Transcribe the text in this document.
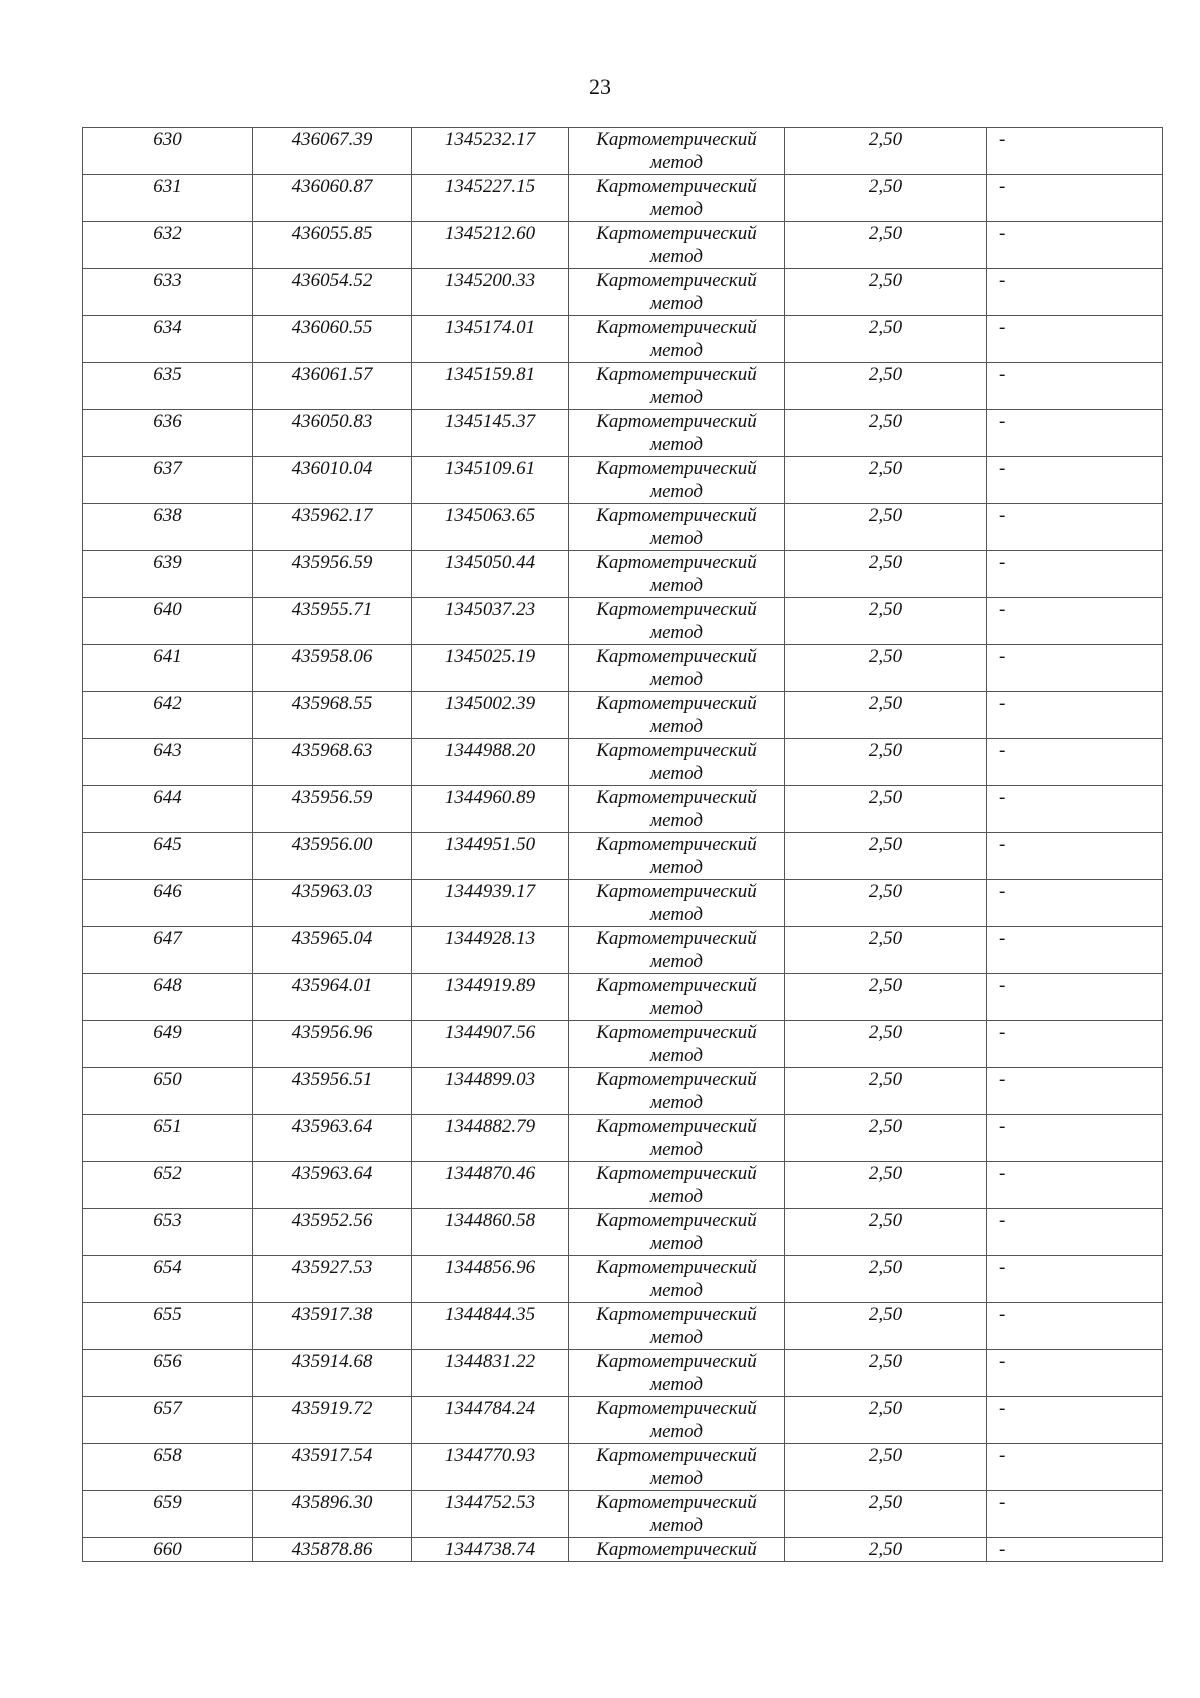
23
630	436067.39	1345232.17	Картометрический метод	2,50	-
631	436060.87	1345227.15	Картометрический метод	2,50	-
632	436055.85	1345212.60	Картометрический метод	2,50	-
633	436054.52	1345200.33	Картометрический метод	2,50	-
634	436060.55	1345174.01	Картометрический метод	2,50	-
635	436061.57	1345159.81	Картометрический метод	2,50	-
636	436050.83	1345145.37	Картометрический метод	2,50	-
637	436010.04	1345109.61	Картометрический метод	2,50	-
638	435962.17	1345063.65	Картометрический метод	2,50	-
639	435956.59	1345050.44	Картометрический метод	2,50	-
640	435955.71	1345037.23	Картометрический метод	2,50	-
641	435958.06	1345025.19	Картометрический метод	2,50	-
642	435968.55	1345002.39	Картометрический метод	2,50	-
643	435968.63	1344988.20	Картометрический метод	2,50	-
644	435956.59	1344960.89	Картометрический метод	2,50	-
645	435956.00	1344951.50	Картометрический метод	2,50	-
646	435963.03	1344939.17	Картометрический метод	2,50	-
647	435965.04	1344928.13	Картометрический метод	2,50	-
648	435964.01	1344919.89	Картометрический метод	2,50	-
649	435956.96	1344907.56	Картометрический метод	2,50	-
650	435956.51	1344899.03	Картометрический метод	2,50	-
651	435963.64	1344882.79	Картометрический метод	2,50	-
652	435963.64	1344870.46	Картометрический метод	2,50	-
653	435952.56	1344860.58	Картометрический метод	2,50	-
654	435927.53	1344856.96	Картометрический метод	2,50	-
655	435917.38	1344844.35	Картометрический метод	2,50	-
656	435914.68	1344831.22	Картометрический метод	2,50	-
657	435919.72	1344784.24	Картометрический метод	2,50	-
658	435917.54	1344770.93	Картометрический метод	2,50	-
659	435896.30	1344752.53	Картометрический метод	2,50	-
660	435878.86	1344738.74	Картометрический	2,50	-
